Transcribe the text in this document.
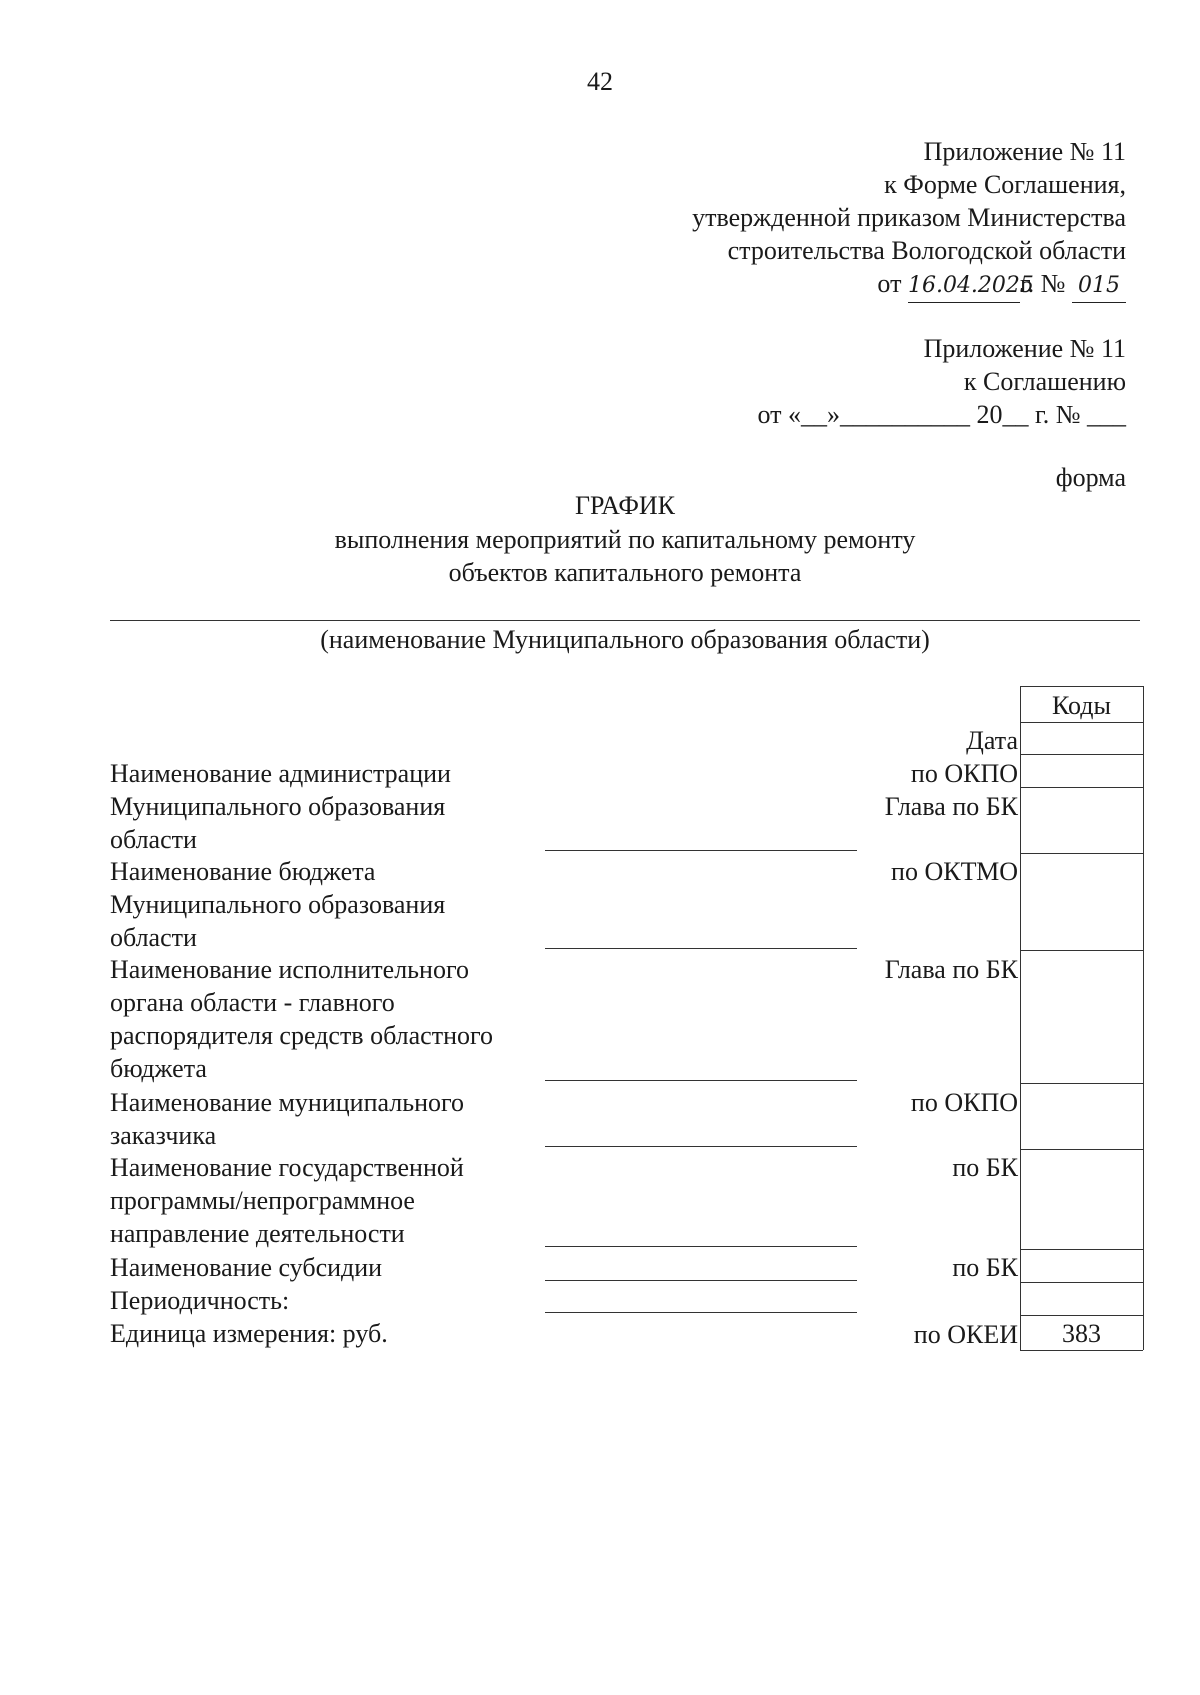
42
Приложение № 11
к Форме Соглашения,
утвержденной приказом Министерства
строительства Вологодской области
от 16.04.2025г. № 015
Приложение № 11
к Соглашению
от «__»__________ 20__ г. № ___
форма
ГРАФИК
выполнения мероприятий по капитальному ремонту
объектов капитального ремонта
(наименование Муниципального образования области)
Коды
383
Дата
по ОКПО
Глава по БК
по ОКТМО
Глава по БК
по ОКПО
по БК
по БК
по ОКЕИ
Наименование администрации
Муниципального образования
области
Наименование бюджета
Муниципального образования
области
Наименование исполнительного
органа области - главного
распорядителя средств областного
бюджета
Наименование муниципального
заказчика
Наименование государственной
программы/непрограммное
направление деятельности
Наименование субсидии
Периодичность:
Единица измерения: руб.
